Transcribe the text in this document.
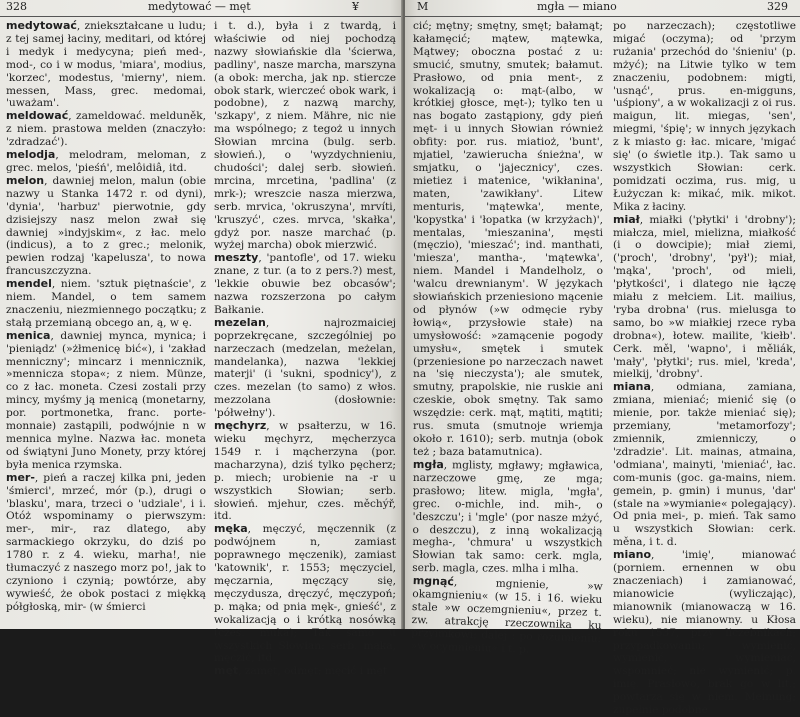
328	medytować — męt	¥

medytować, zniekształcane u ludu; z tej samej łaciny, meditari, od której i medyk i medycyna; pień med-, mod-, co i w modus, 'miara', modius, 'korzec', modestus, 'mierny', niem. messen, Mass, grec. medomai, 'uważam'.

meldować, zameldować. melduněk, z niem. prastowa melden (znaczyło: 'zdradzać').

melodja, melodram, meloman, z grec. melos, 'pieśń', melôidiâ, itd.

melon, dawniej melon, malun (obie nazwy u Stanka 1472 r. od dyni), 'dynia', 'harbuz' pierwotnie, gdy dzisiejszy nasz melon zwał się dawniej »indyjskim«, z łac. melo (indicus), a to z grec.; melonik, pewien rodzaj 'kapelusza', to nowa francuszczyzna.

mendel, niem. 'sztuk piętnaście', z niem. Mandel, o tem samem znaczeniu, niezmiennego początku; z stałą przemianą obcego an, ą, w ę.

menica, dawniej mynca, mynica; i 'pieniądz' (»żłmenicę bić«), i 'zakład menniczny'; mincarz i mennicznik, »mennicza stopa«; z niem. Münze, co z łac. moneta. Czesi zostali przy mincy, myśmy ją menicą (monetarny, por. portmonetka, franc. porte-monnaie) zastąpili, podwójnie n w mennica mylne. Nazwa łac. moneta od świątyni Juno Monety, przy której była menica rzymska.

mer-, pień a raczej kilka pni, jeden 'śmierci', mrzeć, mór (p.), drugi o 'blasku', mara, trzeci o 'udziale', i i. Otóż wspominamy o pierwszym: mer-, mir-, raz dlatego, aby sarmackiego okrzyku, do dziś po 1780 r. z 4. wieku, marha!, nie tłumaczyć z naszego morz po!, jak to czyniono i czynią; powtórze, aby wywieść, że obok postaci z miękką półgłoską, mir- (w śmierci

i t. d.), była i z twardą, i właściwie od niej pochodzą nazwy słowiańskie dla 'ścierwa, padliny', nasze marcha, marszyna (a obok: mercha, jak np. stiercze obok stark, wierczeć obok wark, i podobne), z nazwą marchy, 'szkapy', z niem. Mähre, nic nie ma wspólnego; z tegoż u innych Słowian mrcina (bulg. serb. słowień.), o 'wyzdychnieniu, chudości'; dalej serb. słowień. mrcina, mrcetina, 'padlina' (z mrk-); wreszcie nasza mierzwa, serb. mrvica, 'okruszyna', mrvíti, 'kruszyć', czes. mrvca, 'skałka', gdyż por. nasze marchać (p. wyżej marcha) obok mierzwić.

meszty, 'pantofle', od 17. wieku znane, z tur. (a to z pers.?) mest, 'lekkie obuwie bez obcasów'; nazwa rozszerzona po całym Bałkanie.

mezelan, najrozmaiciej poprzekręcane, szczególniej po narzeczach (medzelan, meżelan, mandelanka), nazwa 'lekkiej materji' (i 'sukni, spodnicy'), z czes. mezelan (to samo) z włos. mezzolana (dosłownie: 'półwełny').

męchyrz, w psałterzu, w 16. wieku męchyrz, męcherzyca 1549 r. i mącherzyna (por. macharzyna), dziś tylko pęcherz; p. miech; urobienie na -r u wszystkich Słowian; serb. słowień. mjehur, czes. měchýř, itd.

męka, męczyć, męczennik (z podwójnem n, zamiast poprawnego męczenik), zamiast 'katownik', r. 1553; męczyciel, męczarnia, męczący się, męczydusza, dręczyć, męczypoń; p. mąka; od pnia męk-, gnieść', z wokalizacją o i krótką nosówką (czes. muka); Tak samo u wszystkich Słowian: serb. mąka, męczić, itd.

męt, zamęt, odmęt; męcić i męt

M	mgła — miano	329

cić; mętny; smętny, smęt; bałamąt; kałamęcić; mątew, mątewka, Mątwey; oboczna postać z u: smucić, smutny, smutek; bałamut. Prasłowo, od pnia ment-, z wokalizacją o: mąt-(albo, w krótkiej głosce, męt-); tylko ten u nas bogato zastąpiony, gdy pień męt- i u innych Słowian również obfity: por. rus. miatioż, 'bunt', mjatiel, 'zawierucha śnieżna', w smjatku, o 'jajecznicy', czes. mietiez i matenice, 'wikłanina', maten, 'zawikłany'. Litew menturis, 'mątewka', mente, 'kopystka' i 'łopatka (w krzyżach)', mentalas, 'mieszanina', męsti (męczio), 'mieszać'; ind. manthati, 'miesza', mantha-, 'mątewka', niem. Mandel i Mandelholz, o 'walcu drewnianym'. W językach słowiańskich przeniesiono mącenie od płynów (»w odmęcie ryby łowią«, przysłowie stałe) na umysłowość: »zamącenie pogody umysłu«, smętek i smutek (przeniesione po narzeczach nawet na 'się nieczysta'); ale smutek, smutny, prapolskie, nie ruskie ani czeskie, obok smętny. Tak samo wszędzie: cerk. mąt, mątiti, mątiti; rus. smuta (smutnoje wriemja około r. 1610); serb. mutnja (obok też ; baza batamutnica).

mgła, mglisty, mgławy; mgławica, narzeczowe gmę, ze mga; prasłowo; litew. migla, 'mgła', grec. o-michle, ind. mih-, o 'deszczu'; i 'mgle' (por nasze mżyć, o deszczu), z inną wokalizacją megha-, 'chmura' u wszystkich Słowian tak samo: cerk. mgla, serb. magla, czes. mlha i mlha.

mgnąć, mgnienie, »w okamgnieniu« (w 15. i 16. wieku stale »w oczemgnieniu«, przez t. zw. atrakcję rzeczownika ku przyimkowi; dalej : po rozumieniu: »w ocymnieniu« i t. p.

po narzeczach); częstotliwe migać (oczyma); od 'przym rużania' przechód do 'śnieniu' (p. mżyć); na Litwie tylko w tem znaczeniu, podobnem: migti, 'usnąć', prus. en-migguns, 'uśpiony', a w wokalizacji z oi rus. maigun, lit. miegas, 'sen', miegmi, 'śpię'; w innych językach z k miasto g: łac. micare, 'migać się' (o świetle itp.). Tak samo u wszystkich Słowian: cerk. pomidzati oczima, rus. mig, u Łużyczan k: mikać, mik. mikot. Mika z łaciny.

miał, miałki ('płytki' i 'drobny'); miałcza, miel, mielizna, miałkość (i o dowcipie); miał ziemi, ('proch', 'drobny', 'pył'); miał, 'mąka', 'proch', od mieli, 'płytkości', i dlatego nie łączę miału z mełciem. Lit. mailius, 'ryba drobna' (rus. mielusga to samo, bo »w miałkiej rzece ryba drobna«), łotew. mailite, 'kiełb'. Cerk. měl, 'wapno', i měliák, 'mały', 'płytki'; rus. miel, 'kreda', mielkij, 'drobny'.

miana, odmiana, zamiana, zmiana, mieniać; mienić się (o mienie, por. także mieniać się); przemiany, 'metamorfozy'; zmiennik, zmienniczy, o 'zdradzie'. Lit. mainas, atmaina, 'odmiana', mainyti, 'mieniać', łac. com-munis (goc. ga-mains, niem. gemein, p. gmin) i munus, 'dar' (stale na »wymianie« polegający). Od pnia mei-, p. mień. Tak samo u wszystkich Słowian: cerk. měna, i t. d.

miano, 'imię', mianować (porniem. ernennen w obu znaczeniach) i zamianować, mianowicie (wyliczając), mianownik (mianowaczą w 16. wieku), nie mianowny. u Kłosa roku 1537, przy liczebnikach; przypadkowaniu; wymienić, wymienić, wymieniać, wspomnieć; nie wymienić; p. imię. Prasłowo, brak go w lit.; powtarza się w niem. Meinung; zupełnie podobne
